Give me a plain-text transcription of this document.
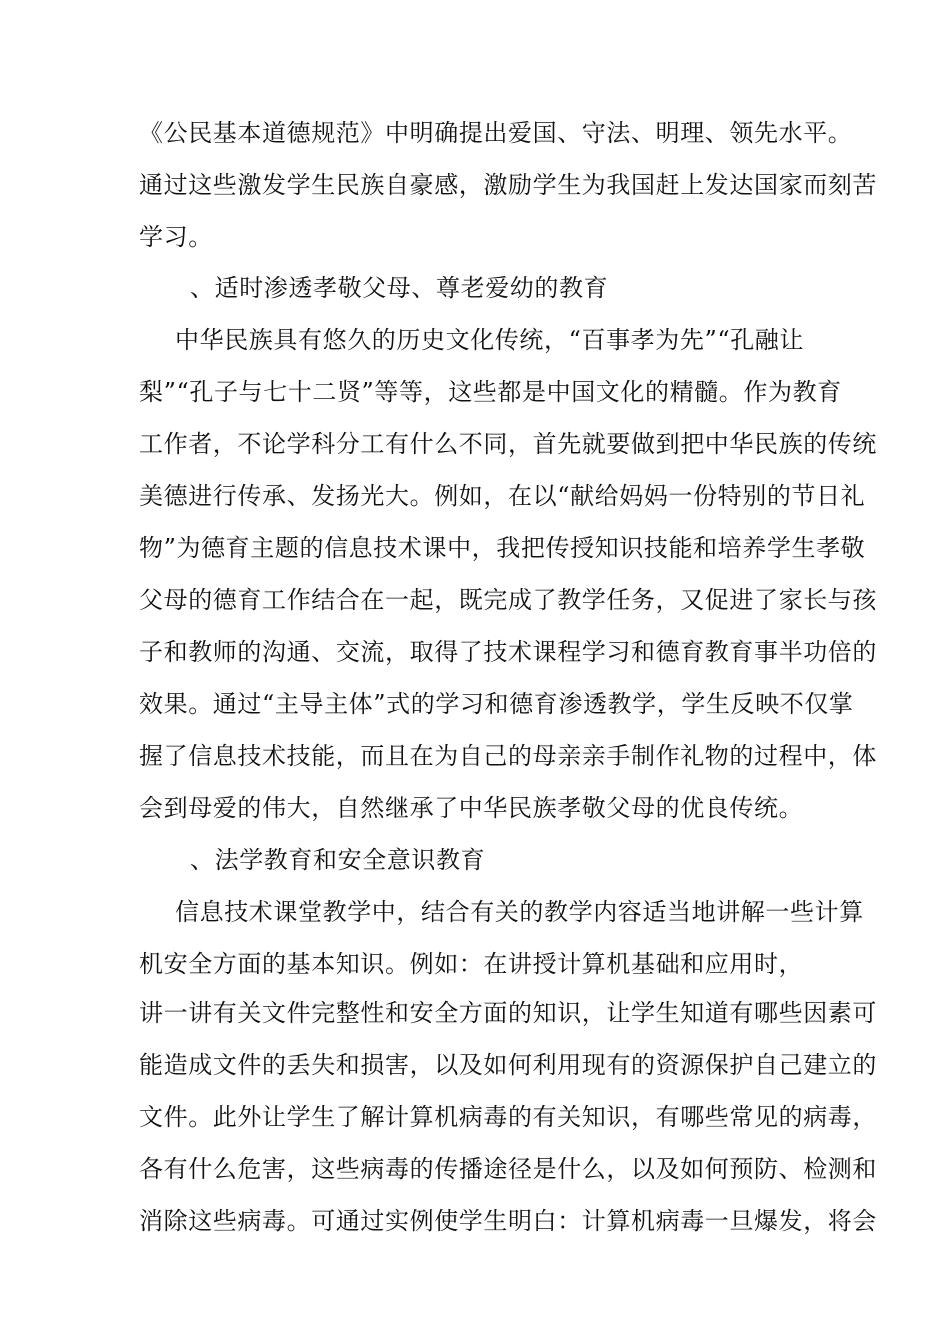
《公民基本道德规范》中明确提出爱国、守法、明理、领先水平。
通过这些激发学生民族自豪感，激励学生为我国赶上发达国家而刻苦
学习。
、适时渗透孝敬父母、尊老爱幼的教育
中华民族具有悠久的历史文化传统，“百事孝为先”“孔融让
梨”“孔子与七十二贤”等等，这些都是中国文化的精髓。作为教育
工作者，不论学科分工有什么不同，首先就要做到把中华民族的传统
美德进行传承、发扬光大。例如，在以“献给妈妈一份特别的节日礼
物”为德育主题的信息技术课中，我把传授知识技能和培养学生孝敬
父母的德育工作结合在一起，既完成了教学任务，又促进了家长与孩
子和教师的沟通、交流，取得了技术课程学习和德育教育事半功倍的
效果。通过“主导主体”式的学习和德育渗透教学，学生反映不仅掌
握了信息技术技能，而且在为自己的母亲亲手制作礼物的过程中，体
会到母爱的伟大，自然继承了中华民族孝敬父母的优良传统。
、法学教育和安全意识教育
信息技术课堂教学中，结合有关的教学内容适当地讲解一些计算
机安全方面的基本知识。例如：在讲授计算机基础和应用时，
讲一讲有关文件完整性和安全方面的知识，让学生知道有哪些因素可
能造成文件的丢失和损害，以及如何利用现有的资源保护自己建立的
文件。此外让学生了解计算机病毒的有关知识，有哪些常见的病毒，
各有什么危害，这些病毒的传播途径是什么，以及如何预防、检测和
消除这些病毒。可通过实例使学生明白：计算机病毒一旦爆发，将会
